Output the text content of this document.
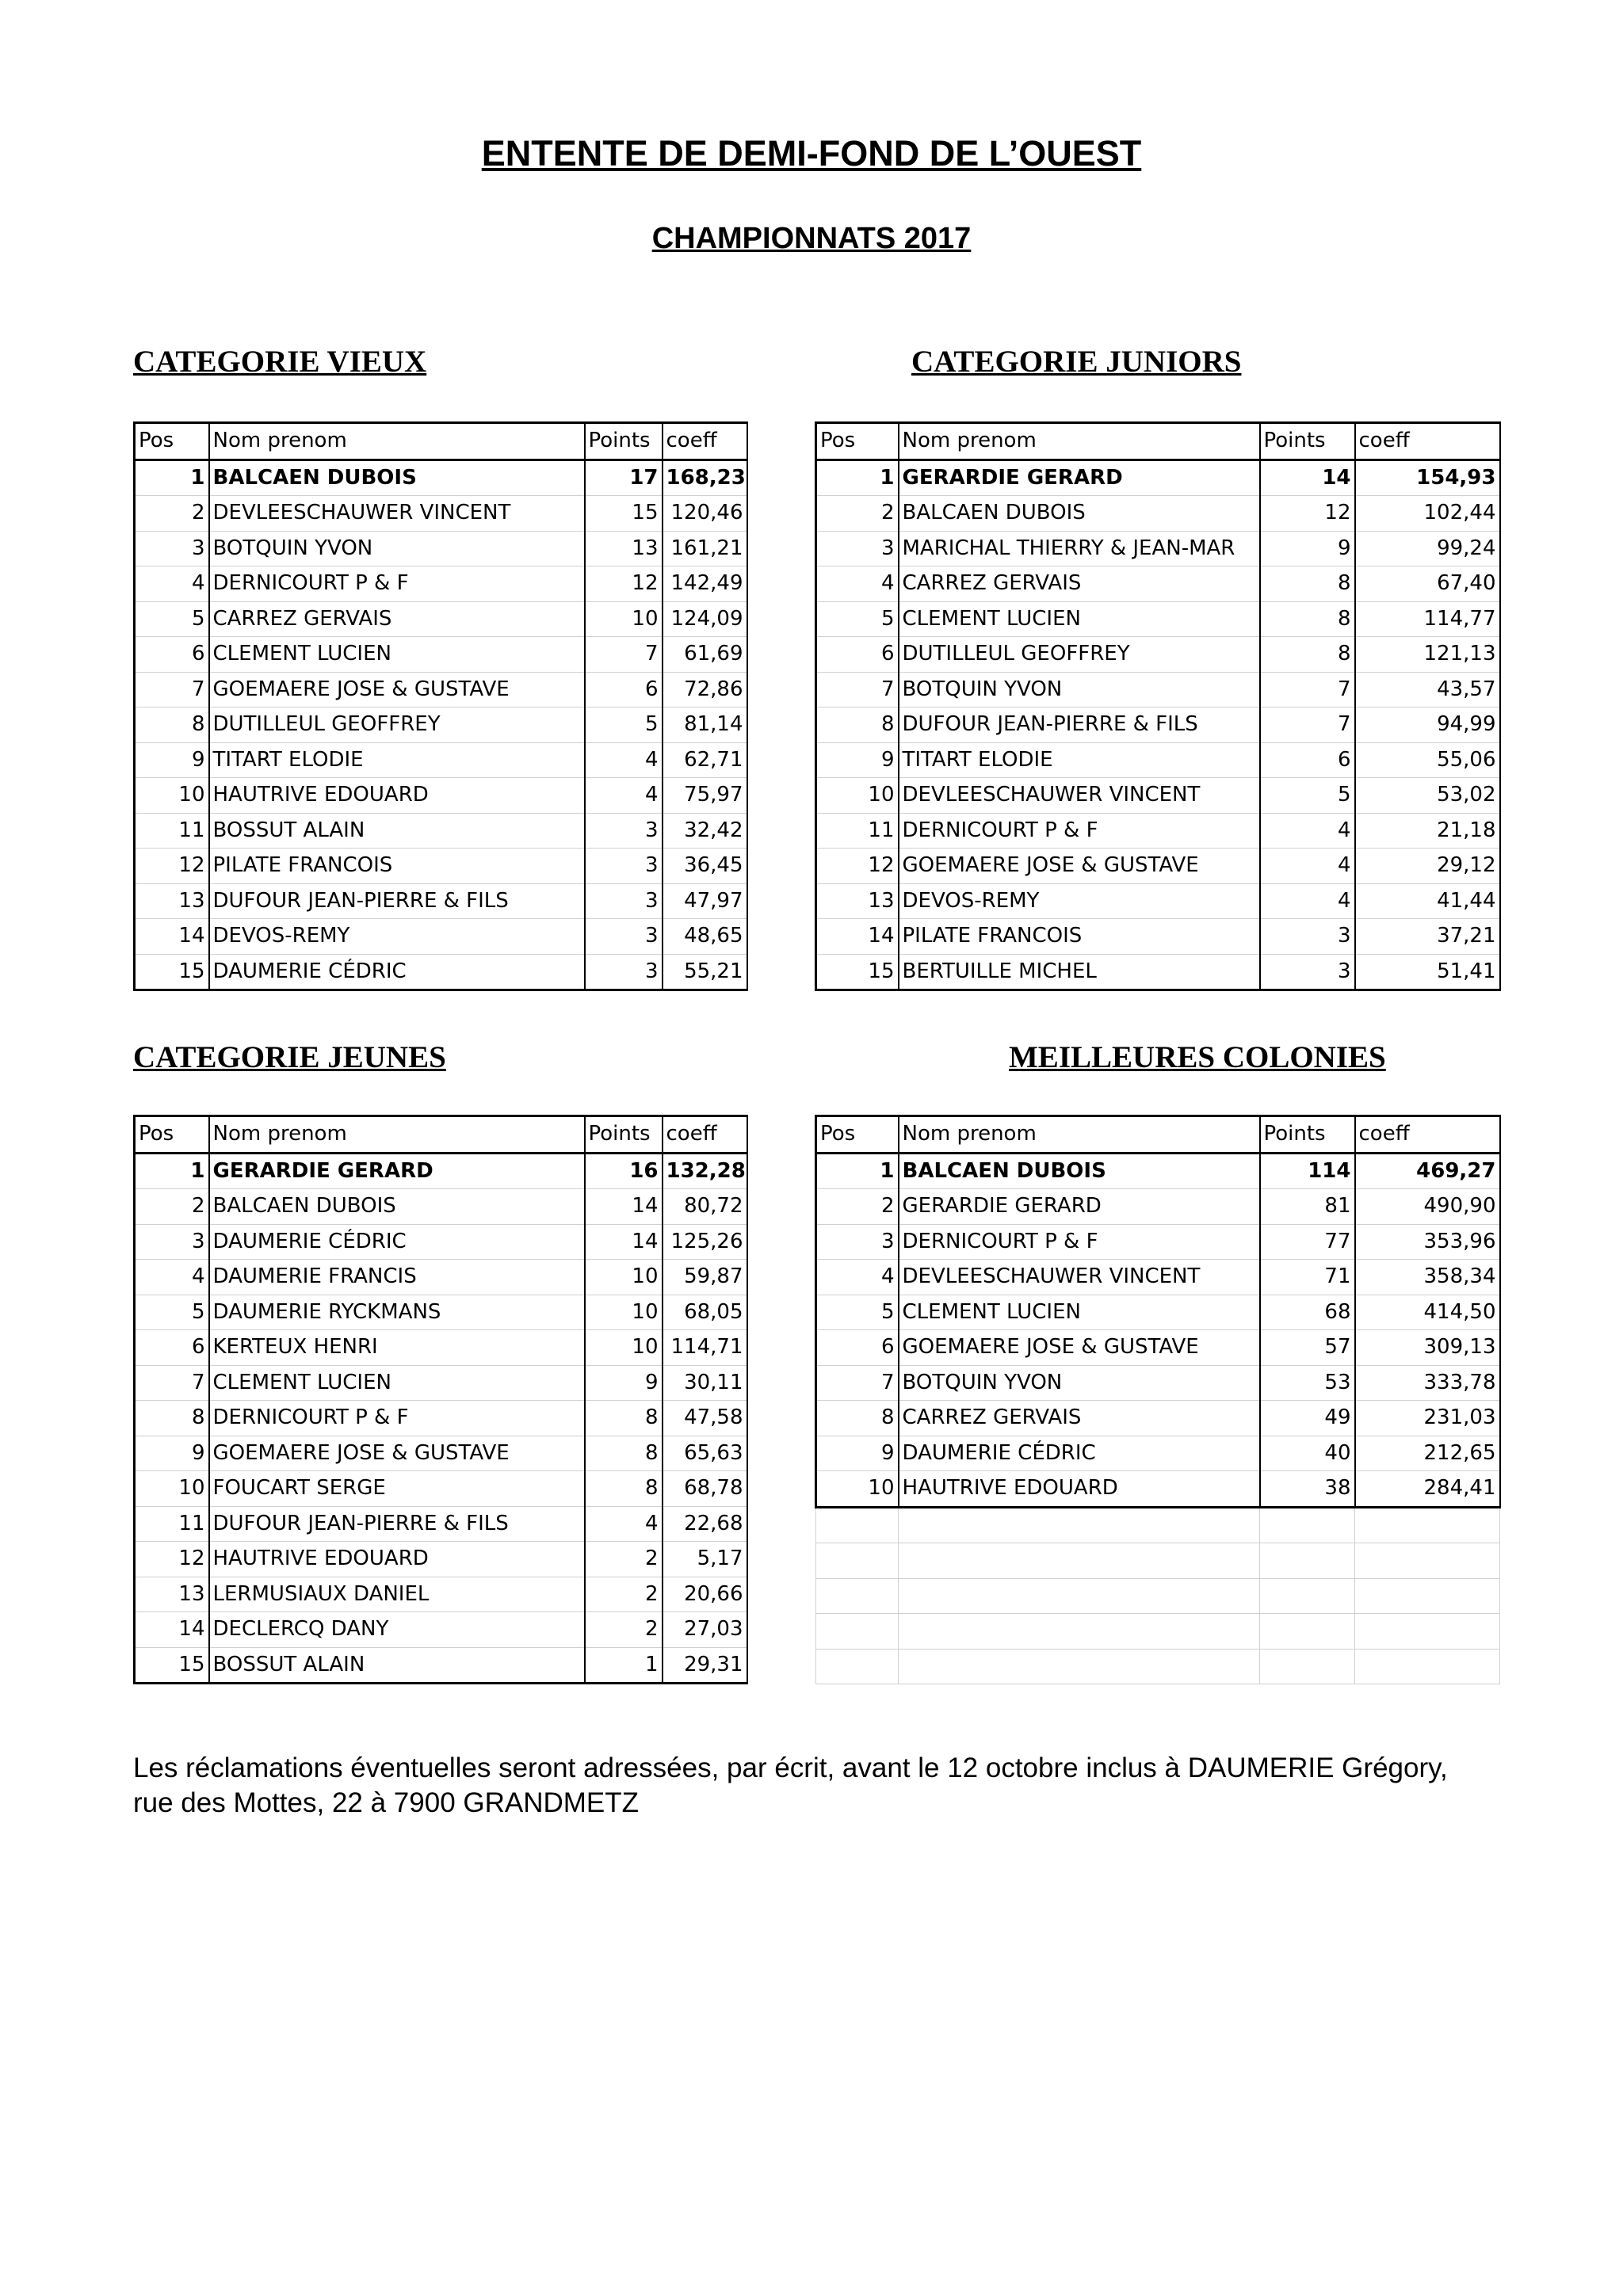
ENTENTE DE DEMI-FOND DE L’OUEST
CHAMPIONNATS 2017
CATEGORIE VIEUX	CATEGORIE JUNIORS
CATEGORIE JEUNES	MEILLEURES COLONIES
Pos	Nom prenom	Points	coeff
1	BALCAEN DUBOIS	17	168,23
2	DEVLEESCHAUWER VINCENT	15	120,46
3	BOTQUIN YVON	13	161,21
4	DERNICOURT P & F	12	142,49
5	CARREZ GERVAIS	10	124,09
6	CLEMENT LUCIEN	7	61,69
7	GOEMAERE JOSE & GUSTAVE	6	72,86
8	DUTILLEUL GEOFFREY	5	81,14
9	TITART ELODIE	4	62,71
10	HAUTRIVE EDOUARD	4	75,97
11	BOSSUT ALAIN	3	32,42
12	PILATE FRANCOIS	3	36,45
13	DUFOUR JEAN-PIERRE & FILS	3	47,97
14	DEVOS-REMY	3	48,65
15	DAUMERIE CÉDRIC	3	55,21
Pos	Nom prenom	Points	coeff
1	GERARDIE GERARD	14	154,93
2	BALCAEN DUBOIS	12	102,44
3	MARICHAL THIERRY & JEAN-MAR	9	99,24
4	CARREZ GERVAIS	8	67,40
5	CLEMENT LUCIEN	8	114,77
6	DUTILLEUL GEOFFREY	8	121,13
7	BOTQUIN YVON	7	43,57
8	DUFOUR JEAN-PIERRE & FILS	7	94,99
9	TITART ELODIE	6	55,06
10	DEVLEESCHAUWER VINCENT	5	53,02
11	DERNICOURT P & F	4	21,18
12	GOEMAERE JOSE & GUSTAVE	4	29,12
13	DEVOS-REMY	4	41,44
14	PILATE FRANCOIS	3	37,21
15	BERTUILLE MICHEL	3	51,41
Pos	Nom prenom	Points	coeff
1	GERARDIE GERARD	16	132,28
2	BALCAEN DUBOIS	14	80,72
3	DAUMERIE CÉDRIC	14	125,26
4	DAUMERIE FRANCIS	10	59,87
5	DAUMERIE RYCKMANS	10	68,05
6	KERTEUX HENRI	10	114,71
7	CLEMENT LUCIEN	9	30,11
8	DERNICOURT P & F	8	47,58
9	GOEMAERE JOSE & GUSTAVE	8	65,63
10	FOUCART SERGE	8	68,78
11	DUFOUR JEAN-PIERRE & FILS	4	22,68
12	HAUTRIVE EDOUARD	2	5,17
13	LERMUSIAUX DANIEL	2	20,66
14	DECLERCQ DANY	2	27,03
15	BOSSUT ALAIN	1	29,31
Pos	Nom prenom	Points	coeff
1	BALCAEN DUBOIS	114	469,27
2	GERARDIE GERARD	81	490,90
3	DERNICOURT P & F	77	353,96
4	DEVLEESCHAUWER VINCENT	71	358,34
5	CLEMENT LUCIEN	68	414,50
6	GOEMAERE JOSE & GUSTAVE	57	309,13
7	BOTQUIN YVON	53	333,78
8	CARREZ GERVAIS	49	231,03
9	DAUMERIE CÉDRIC	40	212,65
10	HAUTRIVE EDOUARD	38	284,41

Les réclamations éventuelles seront adressées, par écrit, avant le 12 octobre inclus à DAUMERIE Grégory, rue des Mottes, 22 à 7900 GRANDMETZ
